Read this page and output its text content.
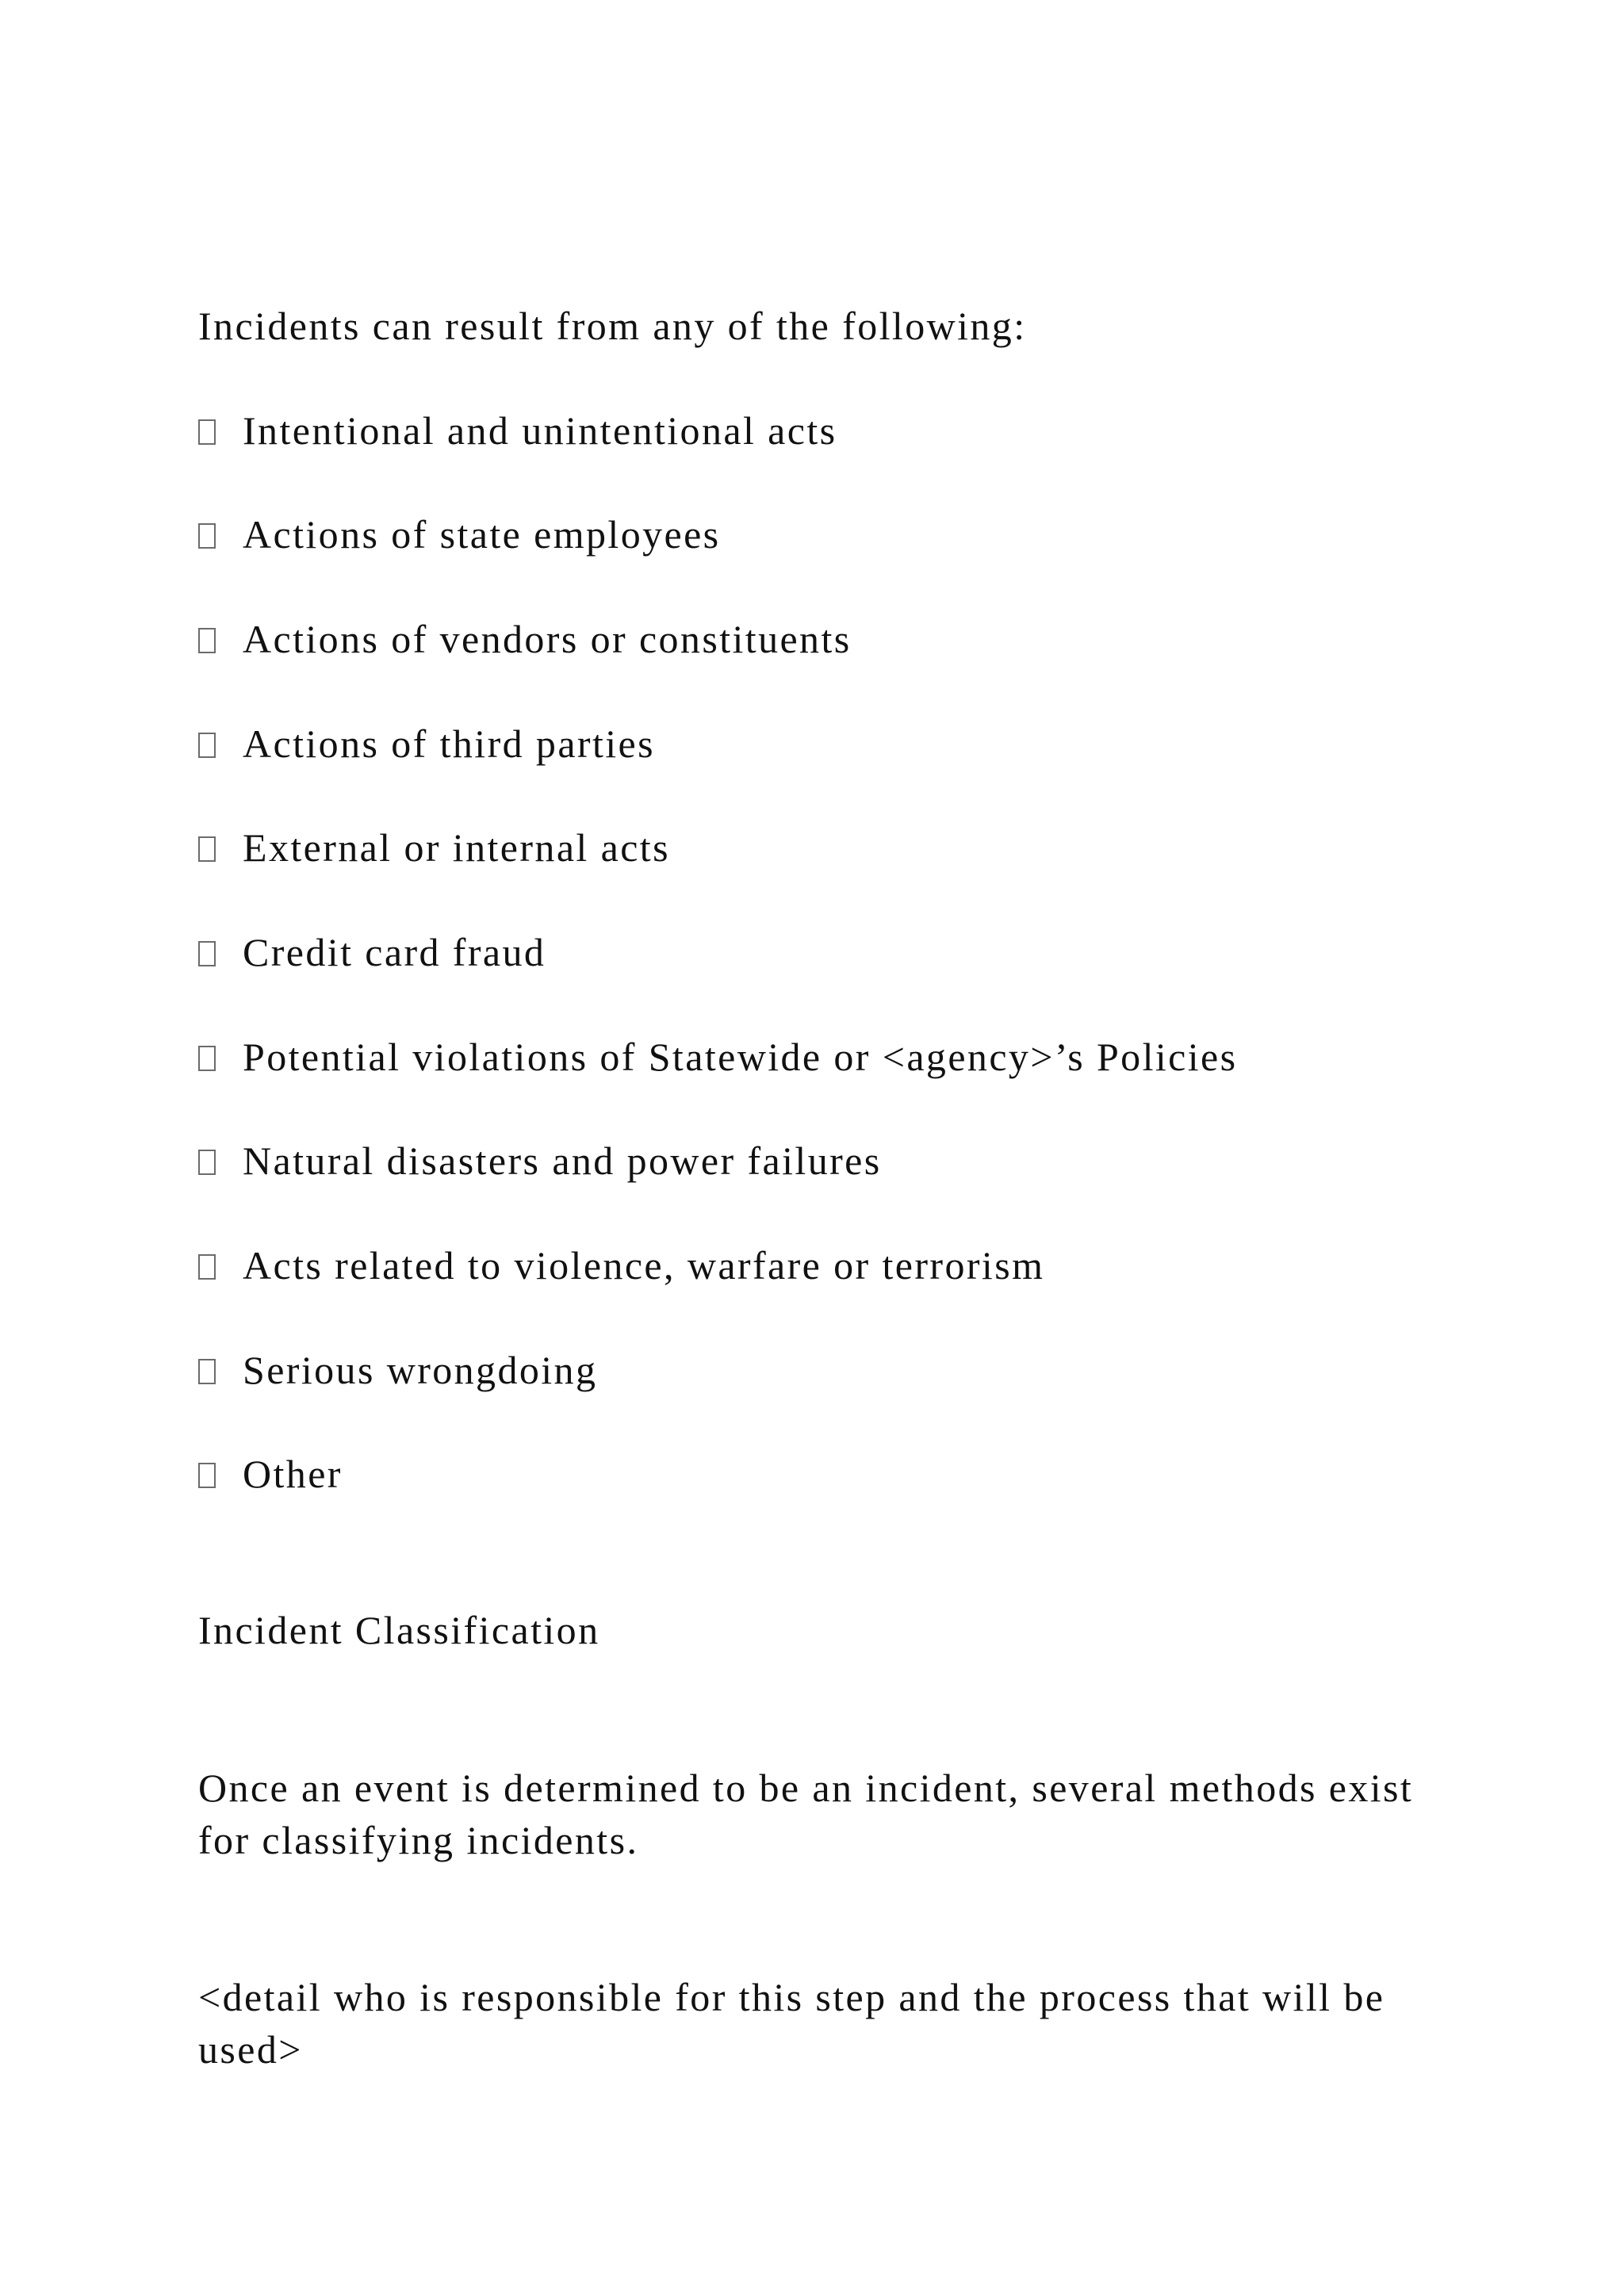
Incidents can result from any of the following:
Intentional and unintentional acts
Actions of state employees
Actions of vendors or constituents
Actions of third parties
External or internal acts
Credit card fraud
Potential violations of Statewide or <agency>’s Policies
Natural disasters and power failures
Acts related to violence, warfare or terrorism
Serious wrongdoing
Other
Incident Classification
Once an event is determined to be an incident, several methods exist for classifying incidents.
<detail who is responsible for this step and the process that will be used>
